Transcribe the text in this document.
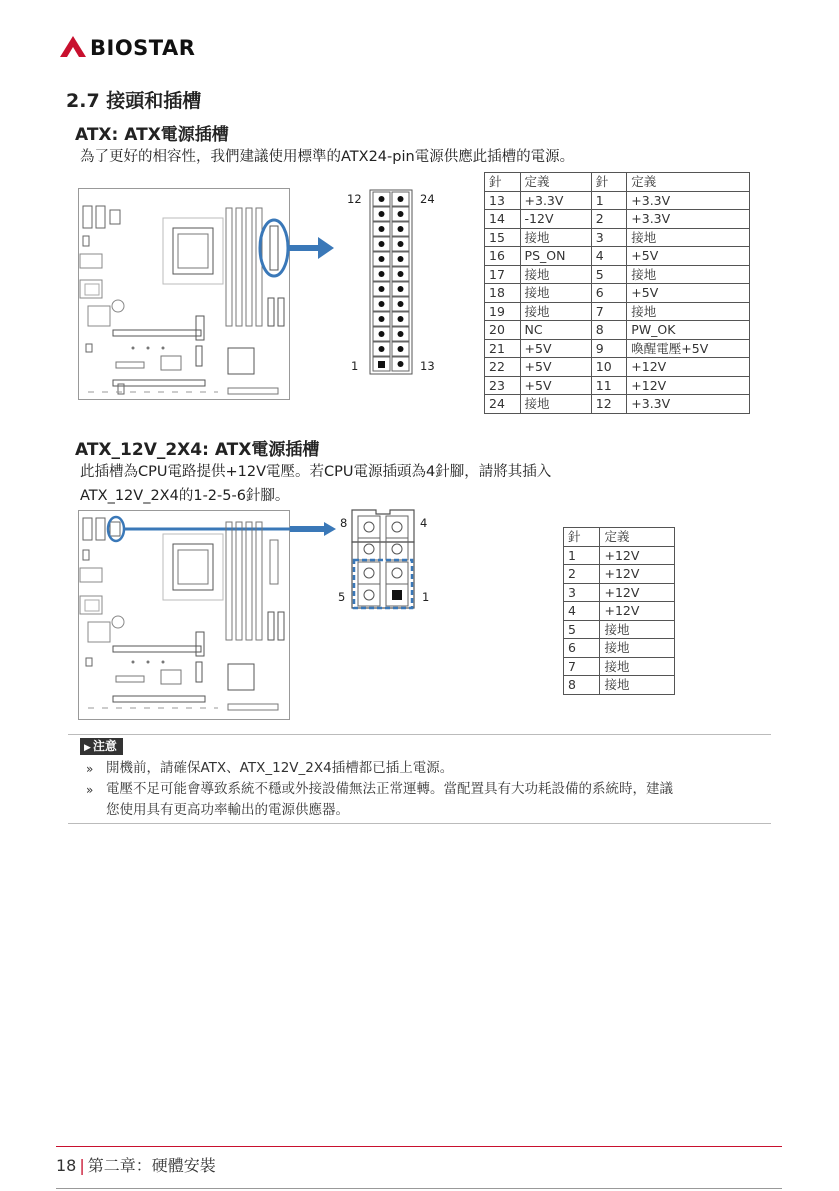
BIOSTAR
2.7 接頭和插槽
ATX: ATX電源插槽
為了更好的相容性，我們建議使用標準的ATX24-pin電源供應此插槽的電源。
12	24
1	13
針	定義	針	定義
13	+3.3V	1	+3.3V
14	-12V	2	+3.3V
15	接地	3	接地
16	PS_ON	4	+5V
17	接地	5	接地
18	接地	6	+5V
19	接地	7	接地
20	NC	8	PW_OK
21	+5V	9	喚醒電壓+5V
22	+5V	10	+12V
23	+5V	11	+12V
24	接地	12	+3.3V
ATX_12V_2X4: ATX電源插槽
此插槽為CPU電路提供+12V電壓。若CPU電源插頭為4針腳，請將其插入
ATX_12V_2X4的1-2-5-6針腳。
8	4
5	1
針	定義
1	+12V
2	+12V
3	+12V
4	+12V
5	接地
6	接地
7	接地
8	接地
▶ 注意
» 開機前，請確保ATX、ATX_12V_2X4插槽都已插上電源。
» 電壓不足可能會導致系統不穩或外接設備無法正常運轉。當配置具有大功耗設備的系統時，建議
您使用具有更高功率輸出的電源供應器。
18 | 第二章：硬體安裝
